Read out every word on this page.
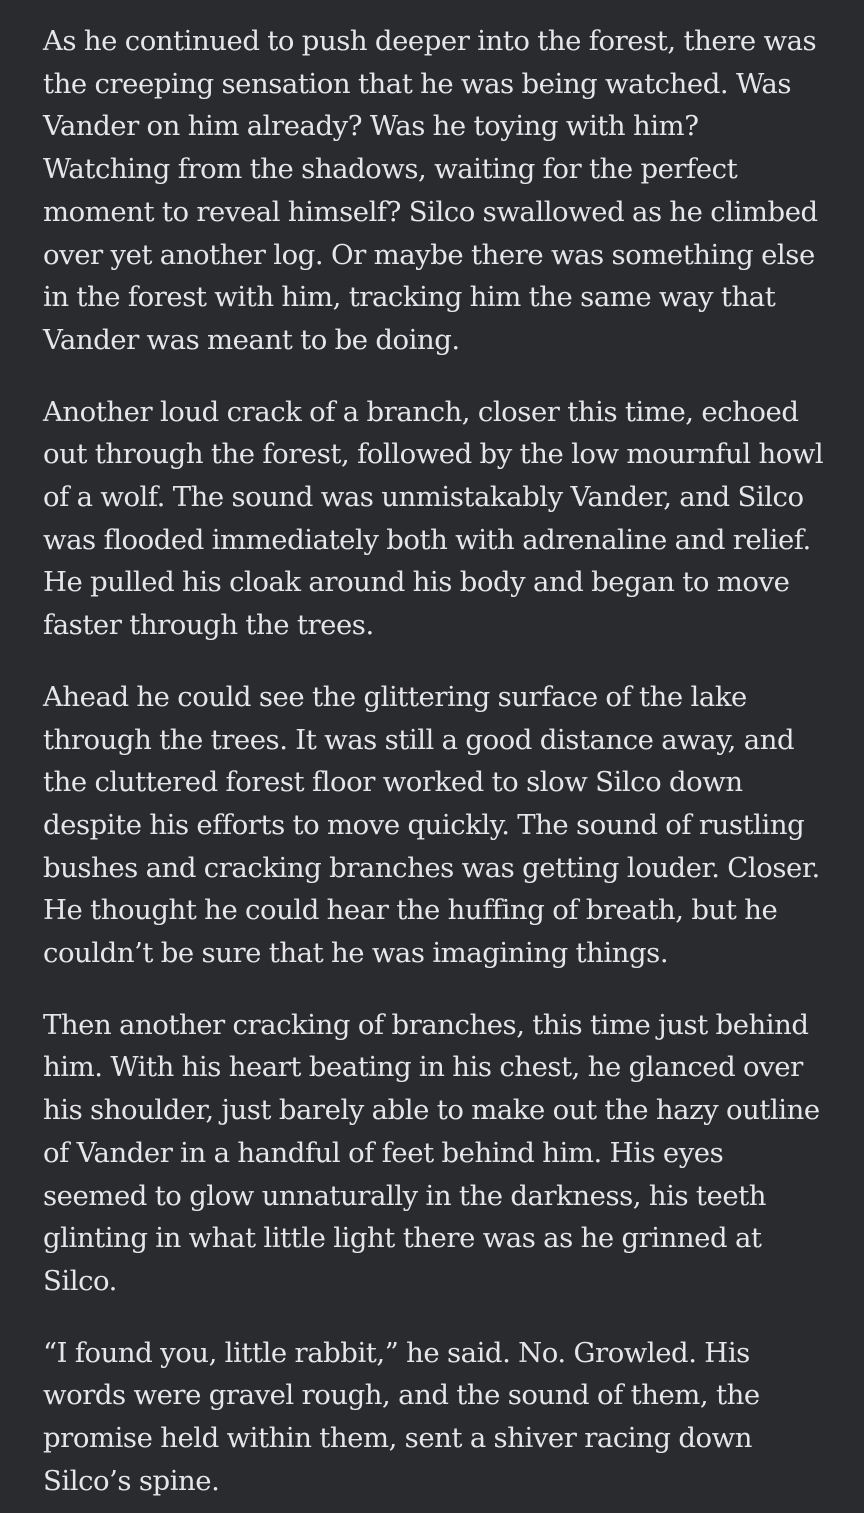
As he continued to push deeper into the forest, there was the creeping sensation that he was being watched. Was Vander on him already? Was he toying with him? Watching from the shadows, waiting for the perfect moment to reveal himself? Silco swallowed as he climbed over yet another log. Or maybe there was something else in the forest with him, tracking him the same way that Vander was meant to be doing.

Another loud crack of a branch, closer this time, echoed out through the forest, followed by the low mournful howl of a wolf. The sound was unmistakably Vander, and Silco was flooded immediately both with adrenaline and relief. He pulled his cloak around his body and began to move faster through the trees.

Ahead he could see the glittering surface of the lake through the trees. It was still a good distance away, and the cluttered forest floor worked to slow Silco down despite his efforts to move quickly. The sound of rustling bushes and cracking branches was getting louder. Closer. He thought he could hear the huffing of breath, but he couldn’t be sure that he was imagining things.

Then another cracking of branches, this time just behind him. With his heart beating in his chest, he glanced over his shoulder, just barely able to make out the hazy outline of Vander in a handful of feet behind him. His eyes seemed to glow unnaturally in the darkness, his teeth glinting in what little light there was as he grinned at Silco.

“I found you, little rabbit,” he said. No. Growled. His words were gravel rough, and the sound of them, the promise held within them, sent a shiver racing down Silco’s spine.
